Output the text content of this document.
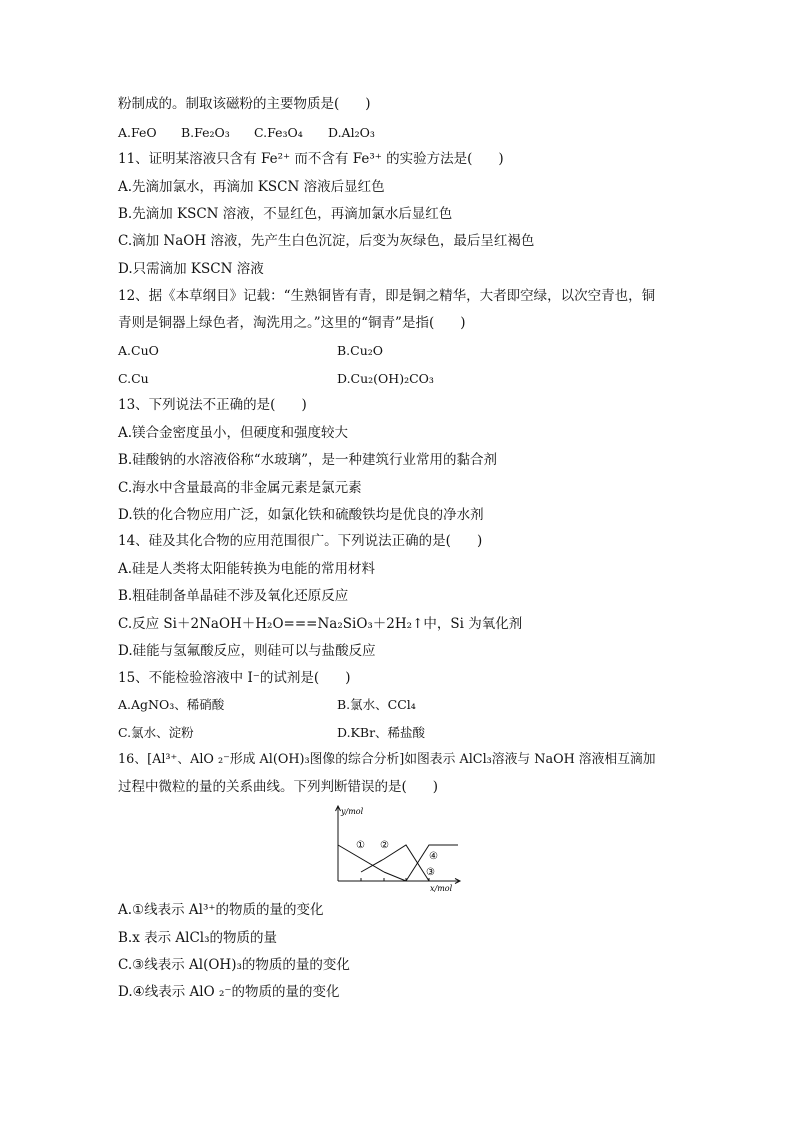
粉制成的。制取该磁粉的主要物质是( )
A.FeO B.Fe₂O₃ C.Fe₃O₄ D.Al₂O₃
11、证明某溶液只含有 Fe²⁺ 而不含有 Fe³⁺ 的实验方法是( )
A.先滴加氯水，再滴加 KSCN 溶液后显红色
B.先滴加 KSCN 溶液，不显红色，再滴加氯水后显红色
C.滴加 NaOH 溶液，先产生白色沉淀，后变为灰绿色，最后呈红褐色
D.只需滴加 KSCN 溶液
12、据《本草纲目》记载：“生熟铜皆有青，即是铜之精华，大者即空绿，以次空青也，铜
青则是铜器上绿色者，淘洗用之。”这里的“铜青”是指( )
A.CuO	B.Cu₂O
C.Cu	D.Cu₂(OH)₂CO₃
13、下列说法不正确的是( )
A.镁合金密度虽小，但硬度和强度较大
B.硅酸钠的水溶液俗称“水玻璃”，是一种建筑行业常用的黏合剂
C.海水中含量最高的非金属元素是氯元素
D.铁的化合物应用广泛，如氯化铁和硫酸铁均是优良的净水剂
14、硅及其化合物的应用范围很广。下列说法正确的是( )
A.硅是人类将太阳能转换为电能的常用材料
B.粗硅制备单晶硅不涉及氧化还原反应
C.反应 Si＋2NaOH＋H₂O===Na₂SiO₃＋2H₂↑中，Si 为氧化剂
D.硅能与氢氟酸反应，则硅可以与盐酸反应
15、不能检验溶液中 I⁻的试剂是( )
A.AgNO₃、稀硝酸	B.氯水、CCl₄
C.氯水、淀粉	D.KBr、稀盐酸
16、[Al³⁺、AlO ₂⁻形成 Al(OH)₃图像的综合分析]如图表示 AlCl₃溶液与 NaOH 溶液相互滴加
过程中微粒的量的关系曲线。下列判断错误的是( )
y/mol
x/mol
① ②
③
④
A.①线表示 Al³⁺的物质的量的变化
B.x 表示 AlCl₃的物质的量
C.③线表示 Al(OH)₃的物质的量的变化
D.④线表示 AlO ₂⁻的物质的量的变化
